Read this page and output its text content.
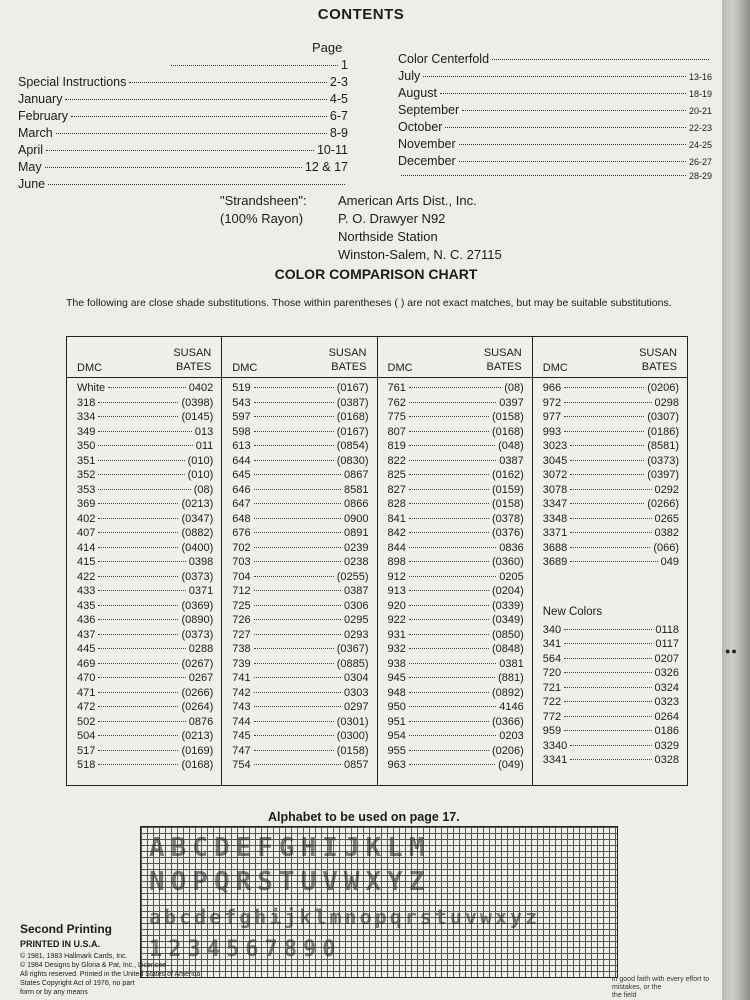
CONTENTS
Page
1
Special Instructions	2-3
January	4-5
February	6-7
March	8-9
April	10-11
May	12 & 17
June
Color Centerfold
July	13-16
August	18-19
September	20-21
October	22-23
November	24-25
December	26-27
28-29
"Strandsheen":
(100% Rayon)
American Arts Dist., Inc.
P. O. Drawyer N92
Northside Station
Winston-Salem, N. C. 27115
COLOR COMPARISON CHART
The following are close shade substitutions. Those within parentheses ( ) are not exact matches, but may be suitable substitutions.
DMC
SUSAN
BATES
White	0402
318	(0398)
334	(0145)
349	013
350	011
351	(010)
352	(010)
353	(08)
369	(0213)
402	(0347)
407	(0882)
414	(0400)
415	0398
422	(0373)
433	0371
435	(0369)
436	(0890)
437	(0373)
445	0288
469	(0267)
470	0267
471	(0266)
472	(0264)
502	0876
504	(0213)
517	(0169)
518	(0168)
DMC
SUSAN
BATES
519	(0167)
543	(0387)
597	(0168)
598	(0167)
613	(0854)
644	(0830)
645	0867
646	8581
647	0866
648	0900
676	0891
702	0239
703	0238
704	(0255)
712	0387
725	0306
726	0295
727	0293
738	(0367)
739	(0885)
741	0304
742	0303
743	0297
744	(0301)
745	(0300)
747	(0158)
754	0857
DMC
SUSAN
BATES
761	(08)
762	0397
775	(0158)
807	(0168)
819	(048)
822	0387
825	(0162)
827	(0159)
828	(0158)
841	(0378)
842	(0376)
844	0836
898	(0360)
912	0205
913	(0204)
920	(0339)
922	(0349)
931	(0850)
932	(0848)
938	0381
945	(881)
948	(0892)
950	4146
951	(0366)
954	0203
955	(0206)
963	(049)
DMC
SUSAN
BATES
966	(0206)
972	0298
977	(0307)
993	(0186)
3023	(8581)
3045	(0373)
3072	(0397)
3078	0292
3347	(0266)
3348	0265
3371	0382
3688	(066)
3689	049
New Colors
340	0118
341	0117
564	0207
720	0326
721	0324
722	0323
772	0264
959	0186
3340	0329
3341	0328
Alphabet to be used on page 17.
ABCDEFGHIJKLM
NOPQRSTUVWXYZ
abcdefghijklmnopqrstuvwxyz
1234567890
Second Printing
PRINTED IN U.S.A.
© 1981, 1983 Hallmark Cards, Inc.
© 1984 Designs by Gloria & Pat, Inc., Licensee
All rights reserved. Printed in the United States of America
States Copyright Act of 1976, no part
form or by any means
in good faith with every effort to
mistakes, or the
the field
●●
